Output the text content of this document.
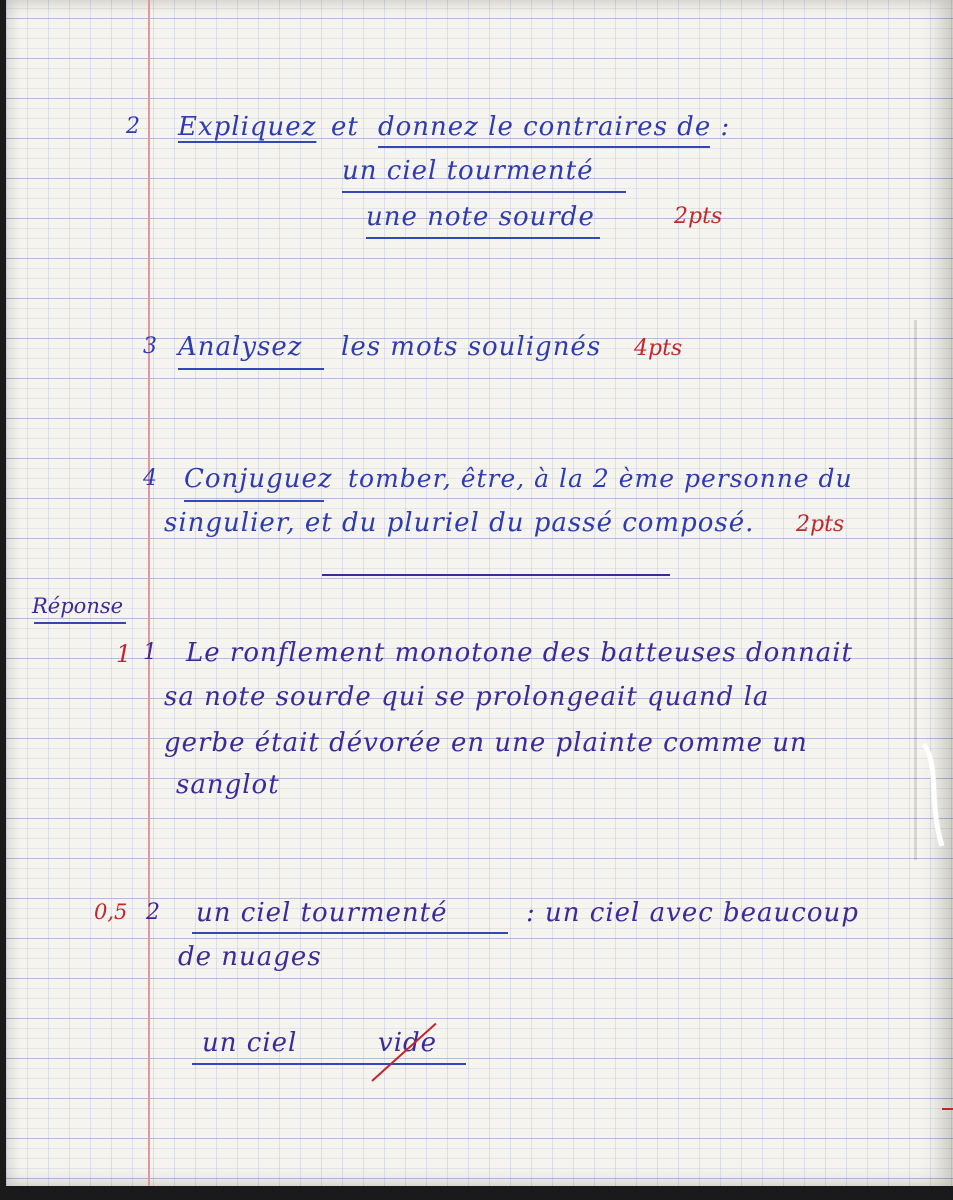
2 Expliquez et donnez le contraires de :
un ciel tourmenté
une note sourde	2pts
3 Analysez les mots soulignés 4pts
4 Conjuguez tomber, être, à la 2 ème personne du
singulier, et du pluriel du passé composé. 2pts
Réponse
1 1 Le ronflement monotone des batteuses donnait
sa note sourde qui se prolongeait quand la
gerbe était dévorée en une plainte comme un
sanglot
0,5 2 un ciel tourmenté	: un ciel avec beaucoup
de nuages
un ciel	vide
